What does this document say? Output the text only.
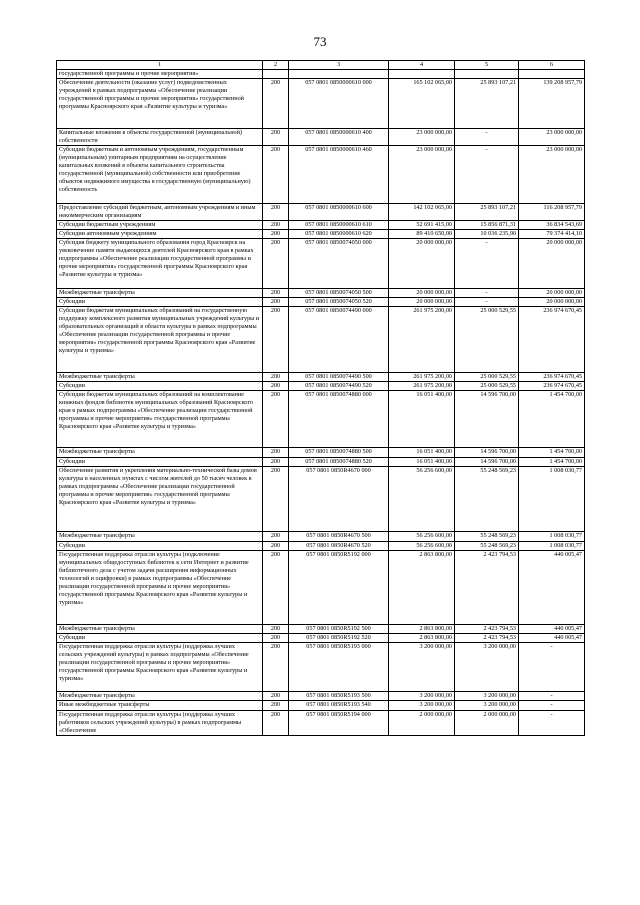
73
1	2	3	4	5	6
государственной программы и прочие мероприятия»					
Обеспечение деятельности (оказание услуг) подведомственных учреждений в рамках подпрограммы «Обеспечение реализации государственной программы и прочие мероприятия» государственной программы Красноярского края «Развитие культуры и туризма»	200	057 0801 0850000610 000	165 102 065,00	25 893 107,21	139 208 957,79
Капитальные вложения в объекты государственной (муниципальной) собственности	200	057 0801 0850000610 400	23 000 000,00	-	23 000 000,00
Субсидии бюджетным и автономным учреждениям, государственным (муниципальным) унитарным предприятиям на осуществление капитальных вложений в объекты капитального строительства государственной (муниципальной) собственности или приобретение объектов недвижимого имущества в государственную (муниципальную) собственность	200	057 0801 0850000610 460	23 000 000,00	-	23 000 000,00
Предоставление субсидий бюджетным, автономным учреждениям и иным некоммерческим организациям	200	057 0801 0850000610 600	142 102 065,00	25 893 107,21	116 208 957,79
Субсидии бюджетным учреждениям	200	057 0801 0850000610 610	52 691 415,00	15 856 871,31	36 834 543,69
Субсидии автономным учреждениям	200	057 0801 0850000610 620	89 410 650,00	10 036 235,90	79 374 414,10
Субсидия бюджету муниципального образования город Красноярск на увековечение памяти выдающихся деятелей Красноярского края в рамках подпрограммы «Обеспечение реализации государственной программы и прочие мероприятия» государственной программы Красноярского края «Развитие культуры и туризма»	200	057 0801 0850074050 000	20 000 000,00	-	20 000 000,00
Межбюджетные трансферты	200	057 0801 0850074050 500	20 000 000,00	-	20 000 000,00
Субсидии	200	057 0801 0850074050 520	20 000 000,00	-	20 000 000,00
Субсидии бюджетам муниципальных образований на государственную поддержку комплексного развития муниципальных учреждений культуры и образовательных организаций в области культуры в рамках подпрограммы «Обеспечение реализации государственной программы и прочие мероприятия» государственной программы Красноярского края «Развитие культуры и туризма»	200	057 0801 0850074490 000	261 975 200,00	25 000 529,55	236 974 670,45
Межбюджетные трансферты	200	057 0801 0850074490 500	261 975 200,00	25 000 529,55	236 974 670,45
Субсидии	200	057 0801 0850074490 520	261 975 200,00	25 000 529,55	236 974 670,45
Субсидии бюджетам муниципальных образований на комплектование книжных фондов библиотек муниципальных образований Красноярского края в рамках подпрограммы «Обеспечение реализации государственной программы и прочие мероприятия» государственной программы Красноярского края «Развитие культуры и туризма»	200	057 0801 0850074880 000	16 051 400,00	14 596 700,00	1 454 700,00
Межбюджетные трансферты	200	057 0801 0850074880 500	16 051 400,00	14 596 700,00	1 454 700,00
Субсидии	200	057 0801 0850074880 520	16 051 400,00	14 596 700,00	1 454 700,00
Обеспечение развития и укрепления материально-технической базы домов культуры в населенных пунктах с числом жителей до 50 тысяч человек в рамках подпрограммы «Обеспечение реализации государственной программы и прочие мероприятия» государственной программы Красноярского края «Развитие культуры и туризма»	200	057 0801 0850R4670 000	56 256 600,00	55 248 569,23	1 008 030,77
Межбюджетные трансферты	200	057 0801 0850R4670 500	56 256 600,00	55 248 569,23	1 008 030,77
Субсидии	200	057 0801 0850R4670 520	56 256 600,00	55 248 569,23	1 008 030,77
Государственная поддержка отрасли культуры (подключение муниципальных общедоступных библиотек к сети Интернет и развитие библиотечного дела с учетом задачи расширения информационных технологий и оцифровки) в рамках подпрограммы «Обеспечение реализации государственной программы и прочие мероприятия» государственной программы Красноярского края «Развитие культуры и туризма»	200	057 0801 0850R5192 000	2 863 800,00	2 423 794,53	440 005,47
Межбюджетные трансферты	200	057 0801 0850R5192 500	2 863 800,00	2 423 794,53	440 005,47
Субсидии	200	057 0801 0850R5192 520	2 863 800,00	2 423 794,53	440 005,47
Государственная поддержка отрасли культуры (поддержка лучших сельских учреждений культуры) в рамках подпрограммы «Обеспечение реализации государственной программы и прочие мероприятия» государственной программы Красноярского края «Развитие культуры и туризма»	200	057 0801 0850R5193 000	3 200 000,00	3 200 000,00	-
Межбюджетные трансферты	200	057 0801 0850R5193 500	3 200 000,00	3 200 000,00	-
Иные межбюджетные трансферты	200	057 0801 0850R5193 540	3 200 000,00	3 200 000,00	-
Государственная поддержка отрасли культуры (поддержка лучших работников сельских учреждений культуры) в рамках подпрограммы «Обеспечение	200	057 0801 0850R5194 000	2 000 000,00	2 000 000,00	-
